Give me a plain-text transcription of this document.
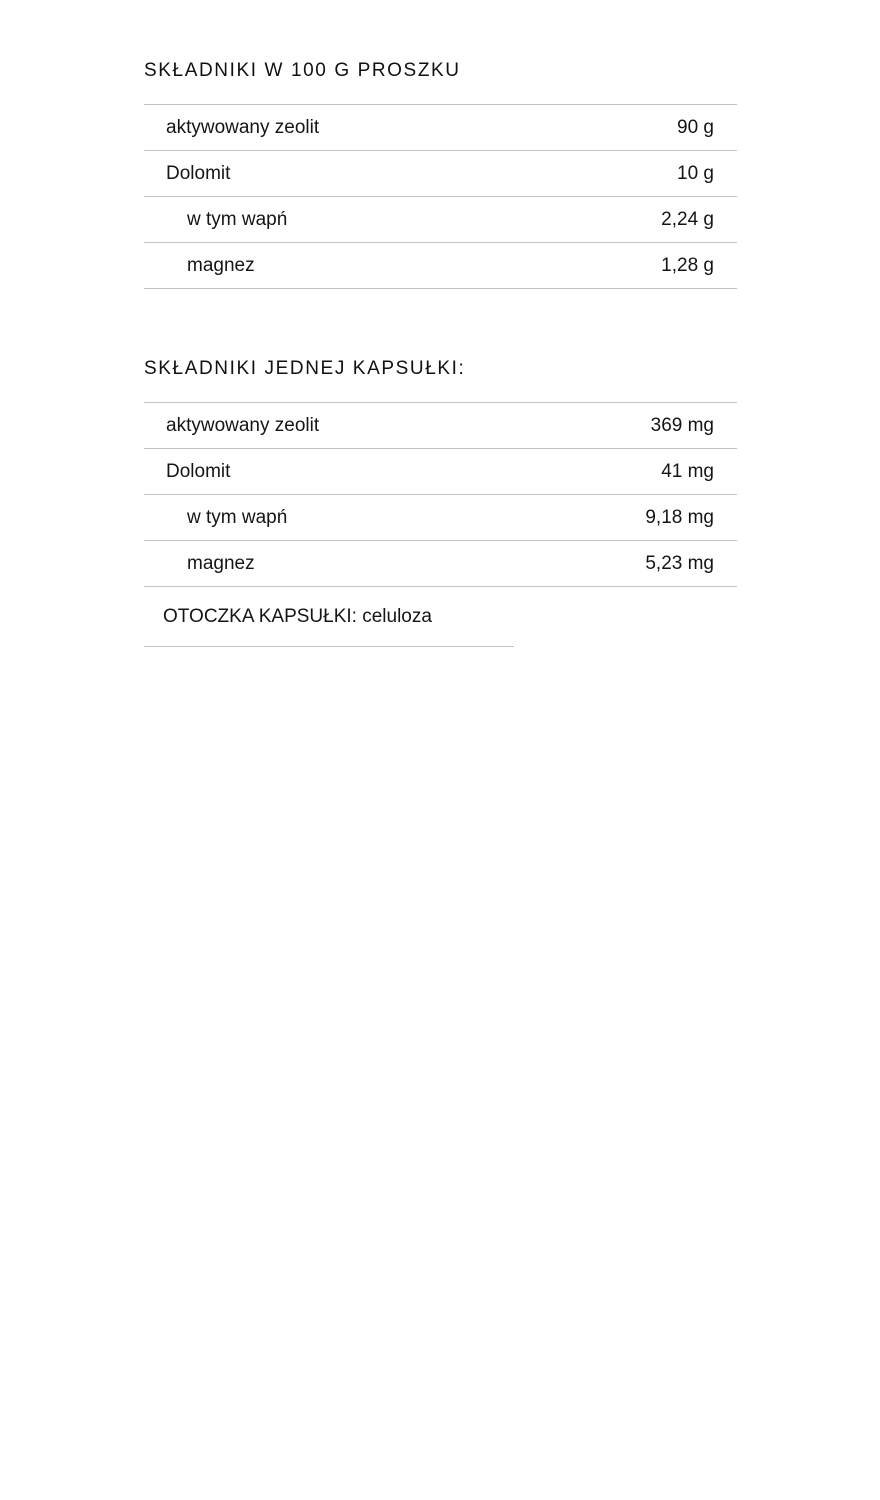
SKŁADNIKI W 100 G PROSZKU
aktywowany zeolit	90 g
Dolomit	10 g
w tym wapń	2,24 g
magnez	1,28 g
SKŁADNIKI JEDNEJ KAPSUŁKI:
aktywowany zeolit	369 mg
Dolomit	41 mg
w tym wapń	9,18 mg
magnez	5,23 mg
OTOCZKA KAPSUŁKI: celuloza
